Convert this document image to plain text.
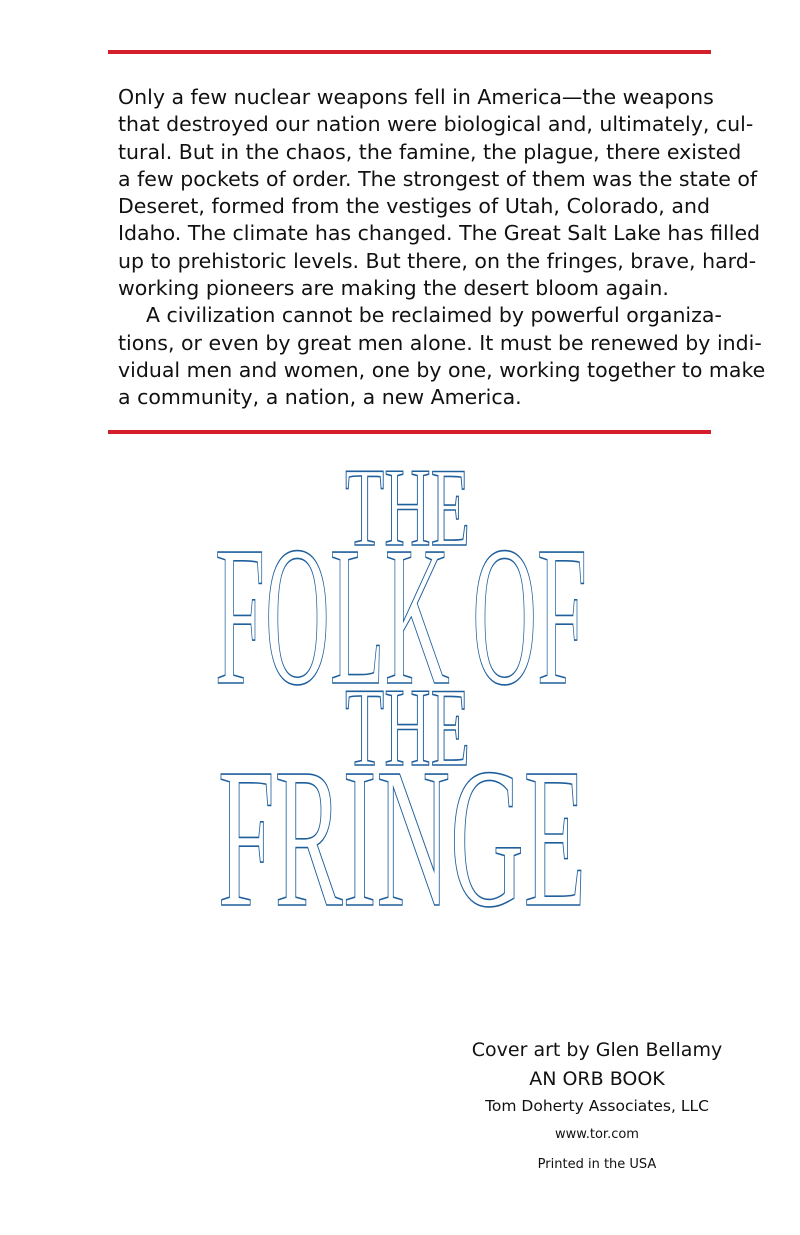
Only a few nuclear weapons fell in America—the weapons
that destroyed our nation were biological and, ultimately, cul-
tural. But in the chaos, the famine, the plague, there existed
a few pockets of order. The strongest of them was the state of
Deseret, formed from the vestiges of Utah, Colorado, and
Idaho. The climate has changed. The Great Salt Lake has filled
up to prehistoric levels. But there, on the fringes, brave, hard-
working pioneers are making the desert bloom again.
A civilization cannot be reclaimed by powerful organiza-
tions, or even by great men alone. It must be renewed by indi-
vidual men and women, one by one, working together to make
a community, a nation, a new America.
THE
FOLK OF
THE
FRINGE
Cover art by Glen Bellamy
AN ORB BOOK
Tom Doherty Associates, LLC
www.tor.com
Printed in the USA
